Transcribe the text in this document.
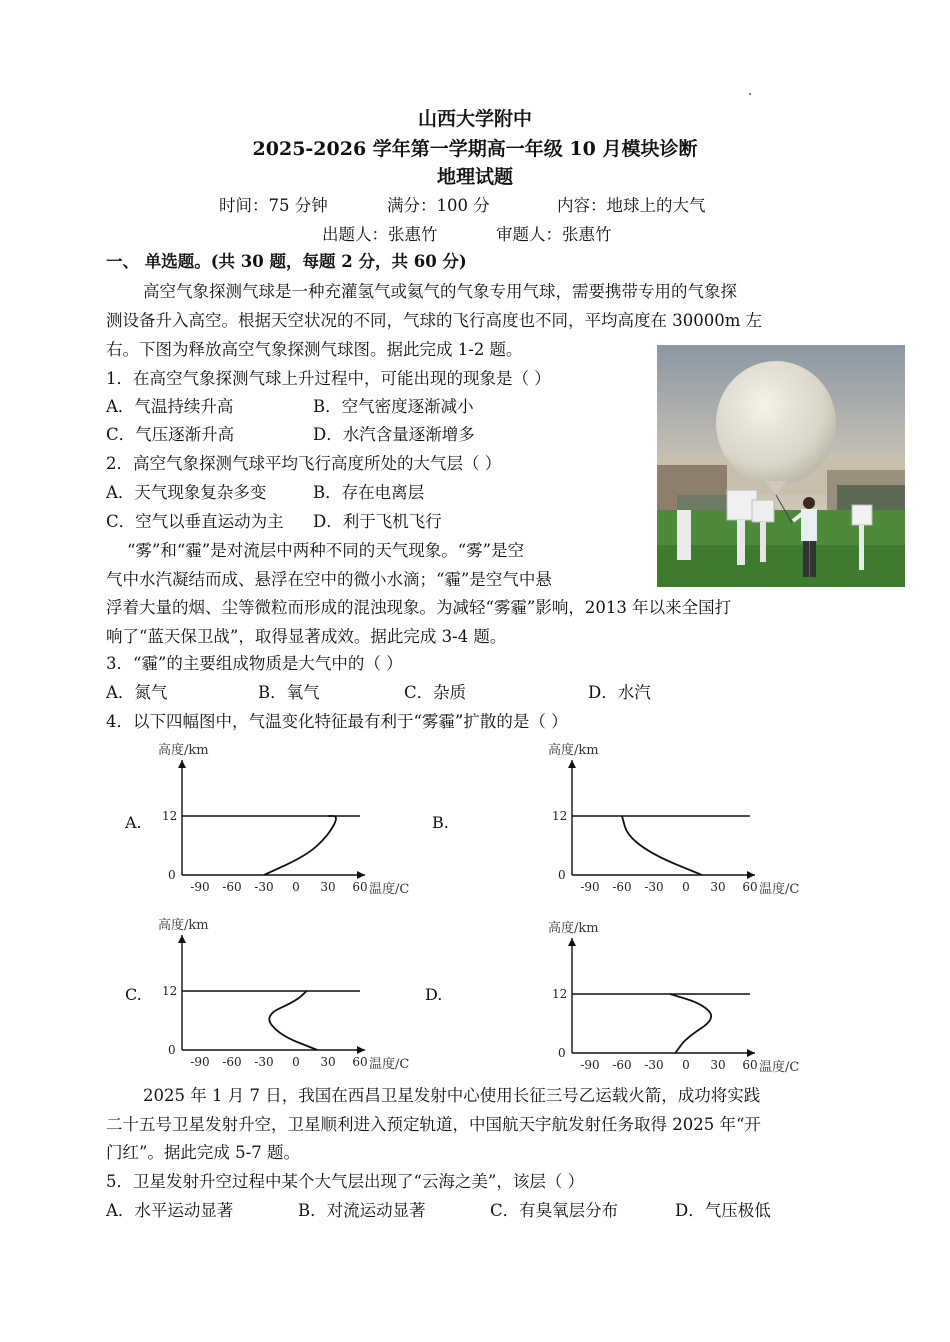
山西大学附中
2025-2026 学年第一学期高一年级 10 月模块诊断
地理试题
时间：75 分钟	满分：100 分	内容：地球上的大气
出题人：张惠竹	审题人：张惠竹
一、 单选题。(共 30 题，每题 2 分，共 60 分)
高空气象探测气球是一种充灌氢气或氦气的气象专用气球，需要携带专用的气象探
测设备升入高空。根据天空状况的不同，气球的飞行高度也不同，平均高度在 30000m 左
右。下图为释放高空气象探测气球图。据此完成 1-2 题。
1．在高空气象探测气球上升过程中，可能出现的现象是（ ）
A．气温持续升高	B．空气密度逐渐减小
C．气压逐渐升高	D．水汽含量逐渐增多
2．高空气象探测气球平均飞行高度所处的大气层（ ）
A．天气现象复杂多变	B．存在电离层
C．空气以垂直运动为主 D．利于飞机飞行
“雾”和“霾”是对流层中两种不同的天气现象。“雾”是空
气中水汽凝结而成、悬浮在空中的微小水滴；“霾”是空气中悬
浮着大量的烟、尘等微粒而形成的混浊现象。为减轻“雾霾”影响，2013 年以来全国打
响了“蓝天保卫战”，取得显著成效。据此完成 3-4 题。
3．“霾”的主要组成物质是大气中的（ ）
A．氮气	B．氧气	C．杂质	D．水汽
4．以下四幅图中，气温变化特征最有利于“雾霾”扩散的是（ ）
A.
高度/km
0
12
-90 -60 -30 0 30 60 温度/C
B.
高度/km
0
12
-90 -60 -30 0 30 60 温度/C
C.
高度/km
0
12
-90 -60 -30 0 30 60 温度/C
D.
高度/km
0
12
-90 -60 -30 0 30 60 温度/C
2025 年 1 月 7 日，我国在西昌卫星发射中心使用长征三号乙运载火箭，成功将实践
二十五号卫星发射升空，卫星顺利进入预定轨道，中国航天宇航发射任务取得 2025 年“开
门红”。据此完成 5-7 题。
5．卫星发射升空过程中某个大气层出现了“云海之美”，该层（ ）
A．水平运动显著	B．对流运动显著	C．有臭氧层分布	D．气压极低
